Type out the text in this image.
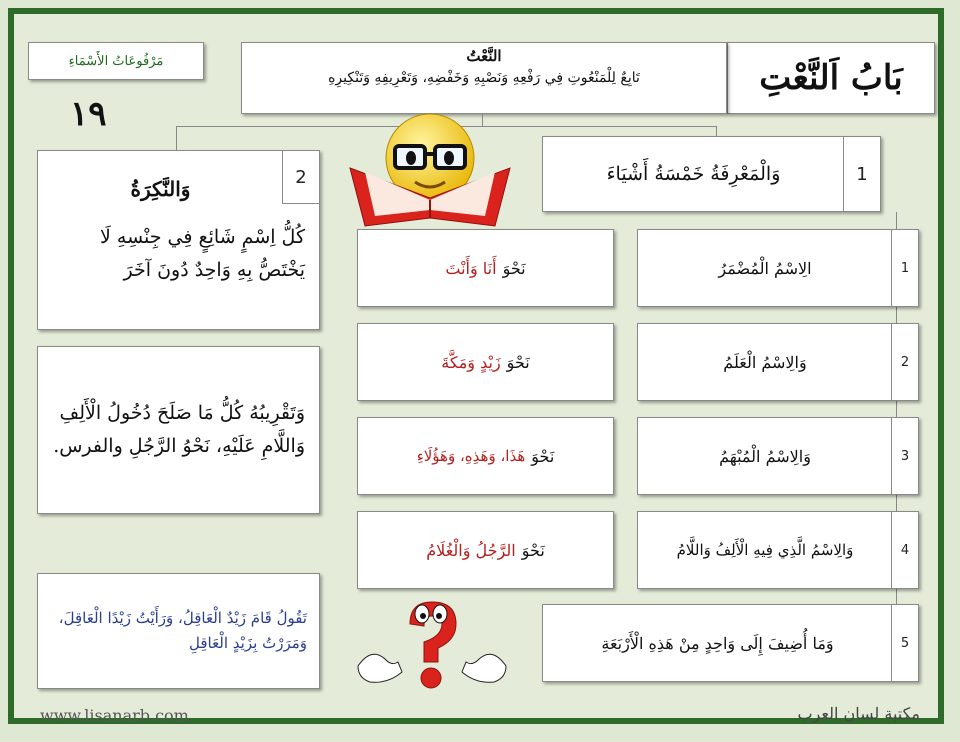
بَابُ اَلنَّعْتِ
النَّعْتُ
تَابِعٌ لِلْمَنْعُوتِ فِي رَفْعِهِ وَنَصْبِهِ وَخَفْضِهِ، وَتَعْرِيفِهِ وَتَنْكِيرِهِ
مَرْفُوعَاتُ الأَسْمَاءِ
١٩
1
وَالْمَعْرِفَةُ خَمْسَةُ أَشْيَاءَ
2
وَالنَّكِرَةُ
كُلُّ اِسْمٍ شَائِعٍ فِي جِنْسِهِ لَا يَخْتَصُّ بِهِ وَاحِدٌ دُونَ آخَرَ
وَتَقْرِيبُهُ كُلُّ مَا صَلَحَ دُخُولُ الْأَلِفِ وَاللَّامِ عَلَيْهِ، نَحْوُ الرَّجُلِ والفرس.
تَقُولُ قَامَ زَيْدٌ الْعَاقِلُ، وَرَأَيْتُ زَيْدًا الْعَاقِلَ، وَمَرَرْتُ بِزَيْدٍ الْعَاقِلِ
1
الِاسْمُ الْمُضْمَرُ
2
وَالِاسْمُ الْعَلَمُ
3
وَالِاسْمُ الْمُبْهَمُ
4
وَالِاسْمُ الَّذِي فِيهِ الْأَلِفُ وَاللَّامُ
5
وَمَا أُضِيفَ إِلَى وَاحِدٍ مِنْ هَذِهِ الْأَرْبَعَةِ
نَحْوَ
أَنَا وَأَنْتَ
نَحْوَ
زَيْدٍ وَمَكَّةَ
نَحْوَ
هَذَا، وَهَذِهِ، وَهَؤُلَاءِ
نَحْوَ
الرَّجُلُ وَالْغُلَامُ
www.lisanarb.com	مكتبة لسان العرب
